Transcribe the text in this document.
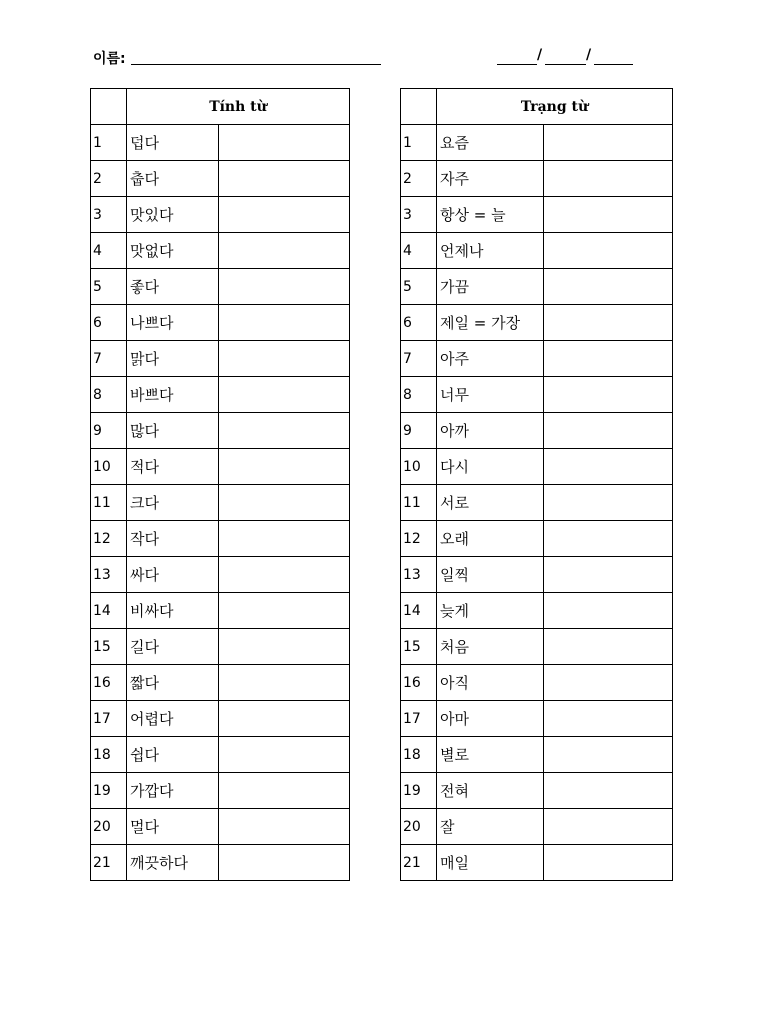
이름:	/	/
	Tính từ	
1	덥다	
2	춥다	
3	맛있다	
4	맛없다	
5	좋다	
6	나쁘다	
7	맑다	
8	바쁘다	
9	많다	
10	적다	
11	크다	
12	작다	
13	싸다	
14	비싸다	
15	길다	
16	짧다	
17	어렵다	
18	쉽다	
19	가깝다	
20	멀다	
21	깨끗하다	
	Trạng từ	
1	요즘	
2	자주	
3	항상 = 늘	
4	언제나	
5	가끔	
6	제일 = 가장	
7	아주	
8	너무	
9	아까	
10	다시	
11	서로	
12	오래	
13	일찍	
14	늦게	
15	처음	
16	아직	
17	아마	
18	별로	
19	전혀	
20	잘	
21	매일	
